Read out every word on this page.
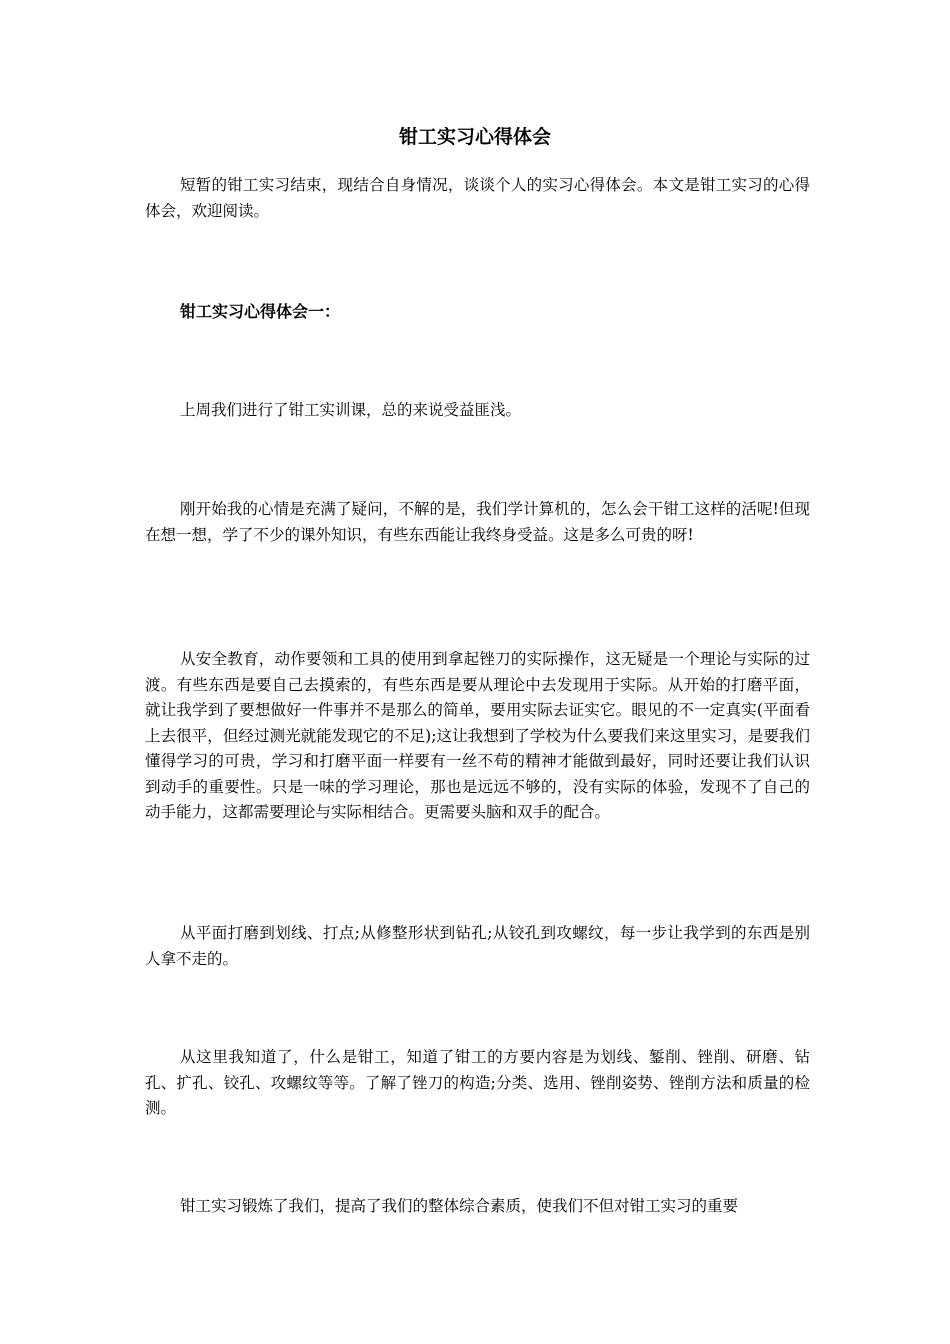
钳工实习心得体会

短暂的钳工实习结束，现结合自身情况，谈谈个人的实习心得体会。本文是钳工实习的心得体会，欢迎阅读。

钳工实习心得体会一：

上周我们进行了钳工实训课，总的来说受益匪浅。

刚开始我的心情是充满了疑问，不解的是，我们学计算机的，怎么会干钳工这样的活呢!但现在想一想，学了不少的课外知识，有些东西能让我终身受益。这是多么可贵的呀!

从安全教育，动作要领和工具的使用到拿起锉刀的实际操作，这无疑是一个理论与实际的过渡。有些东西是要自己去摸索的，有些东西是要从理论中去发现用于实际。从开始的打磨平面，就让我学到了要想做好一件事并不是那么的简单，要用实际去证实它。眼见的不一定真实(平面看上去很平，但经过测光就能发现它的不足);这让我想到了学校为什么要我们来这里实习，是要我们懂得学习的可贵，学习和打磨平面一样要有一丝不苟的精神才能做到最好，同时还要让我们认识到动手的重要性。只是一味的学习理论，那也是远远不够的，没有实际的体验，发现不了自己的动手能力，这都需要理论与实际相结合。更需要头脑和双手的配合。

从平面打磨到划线、打点;从修整形状到钻孔;从铰孔到攻螺纹，每一步让我学到的东西是别人拿不走的。

从这里我知道了，什么是钳工，知道了钳工的方要内容是为划线、錾削、锉削、研磨、钻孔、扩孔、铰孔、攻螺纹等等。了解了锉刀的构造;分类、选用、锉削姿势、锉削方法和质量的检测。

钳工实习锻炼了我们，提高了我们的整体综合素质，使我们不但对钳工实习的重要
